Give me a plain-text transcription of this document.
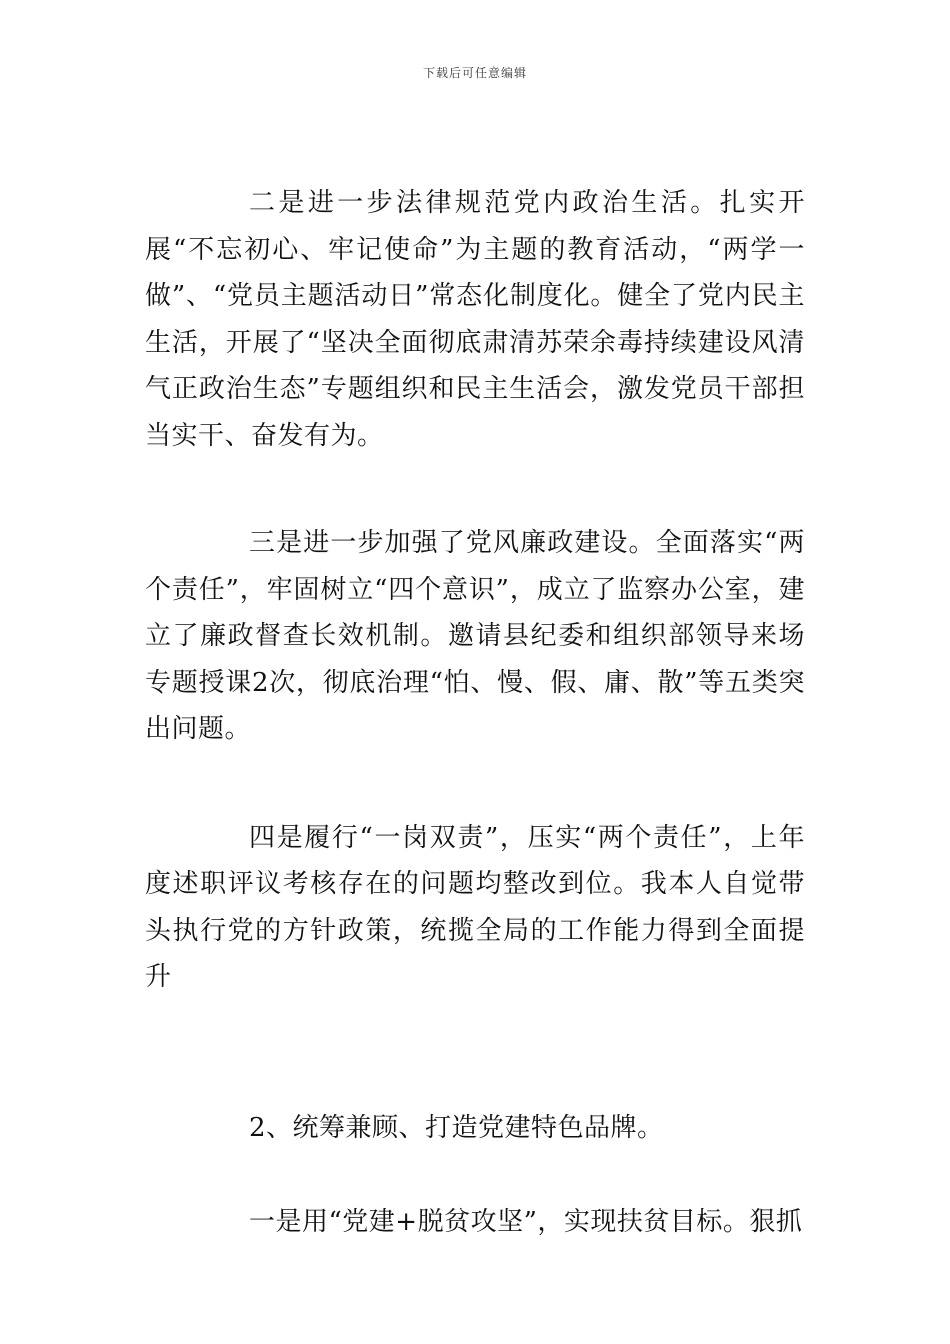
下载后可任意编辑

二是进一步法律规范党内政治生活。扎实开展“不忘初心、牢记使命”为主题的教育活动，“两学一做”、“党员主题活动日”常态化制度化。健全了党内民主生活，开展了“坚决全面彻底肃清苏荣余毒持续建设风清气正政治生态”专题组织和民主生活会，激发党员干部担当实干、奋发有为。

三是进一步加强了党风廉政建设。全面落实“两个责任”，牢固树立“四个意识”，成立了监察办公室，建立了廉政督查长效机制。邀请县纪委和组织部领导来场专题授课2次，彻底治理“怕、慢、假、庸、散”等五类突出问题。

四是履行“一岗双责”，压实“两个责任”，上年度述职评议考核存在的问题均整改到位。我本人自觉带头执行党的方针政策，统揽全局的工作能力得到全面提升

2、统筹兼顾、打造党建特色品牌。

一是用“党建+脱贫攻坚”，实现扶贫目标。狠抓
